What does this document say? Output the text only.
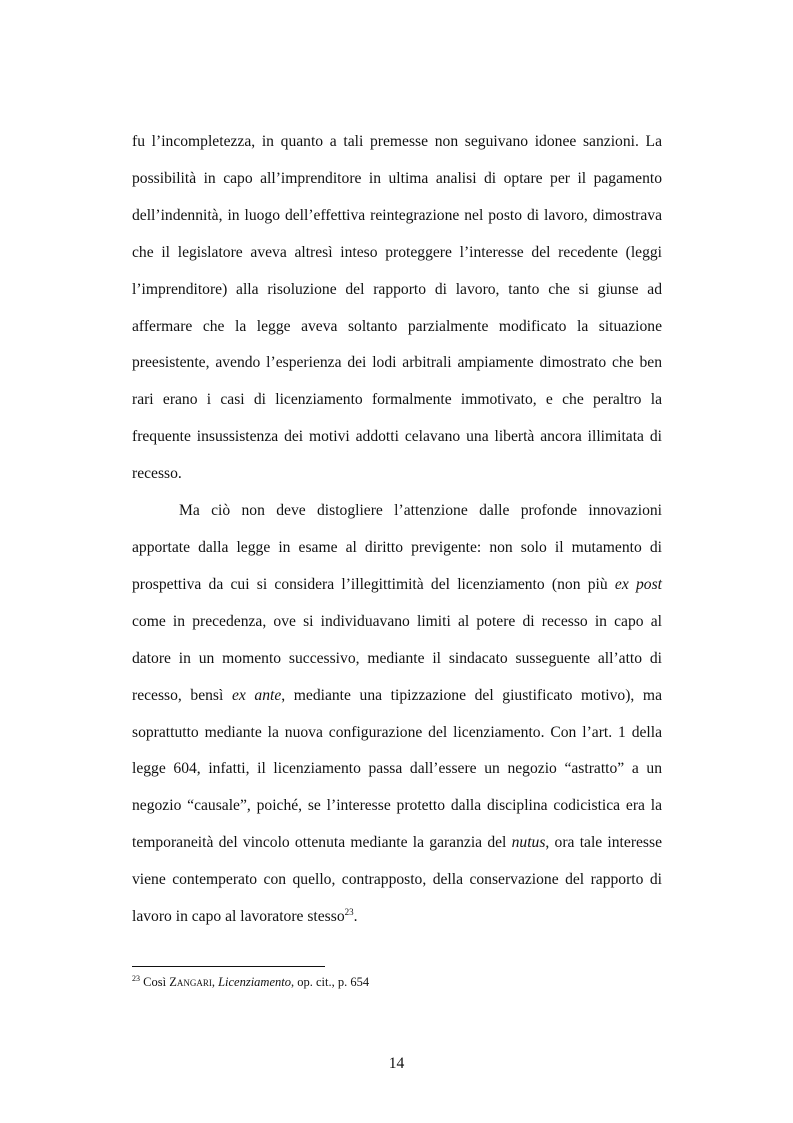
fu l’incompletezza, in quanto a tali premesse non seguivano idonee sanzioni. La possibilità in capo all’imprenditore in ultima analisi di optare per il pagamento dell’indennità, in luogo dell’effettiva reintegrazione nel posto di lavoro, dimostrava che il legislatore aveva altresì inteso proteggere l’interesse del recedente (leggi l’imprenditore) alla risoluzione del rapporto di lavoro, tanto che si giunse ad affermare che la legge aveva soltanto parzialmente modificato la situazione preesistente, avendo l’esperienza dei lodi arbitrali ampiamente dimostrato che ben rari erano i casi di licenziamento formalmente immotivato, e che peraltro la frequente insussistenza dei motivi addotti celavano una libertà ancora illimitata di recesso.

Ma ciò non deve distogliere l’attenzione dalle profonde innovazioni apportate dalla legge in esame al diritto previgente: non solo il mutamento di prospettiva da cui si considera l’illegittimità del licenziamento (non più ex post come in precedenza, ove si individuavano limiti al potere di recesso in capo al datore in un momento successivo, mediante il sindacato susseguente all’atto di recesso, bensì ex ante, mediante una tipizzazione del giustificato motivo), ma soprattutto mediante la nuova configurazione del licenziamento. Con l’art. 1 della legge 604, infatti, il licenziamento passa dall’essere un negozio “astratto” a un negozio “causale”, poiché, se l’interesse protetto dalla disciplina codicistica era la temporaneità del vincolo ottenuta mediante la garanzia del nutus, ora tale interesse viene contemperato con quello, contrapposto, della conservazione del rapporto di lavoro in capo al lavoratore stesso$^{23}$.

$^{23}$ Così Zangari, Licenziamento, op. cit., p. 654
14
